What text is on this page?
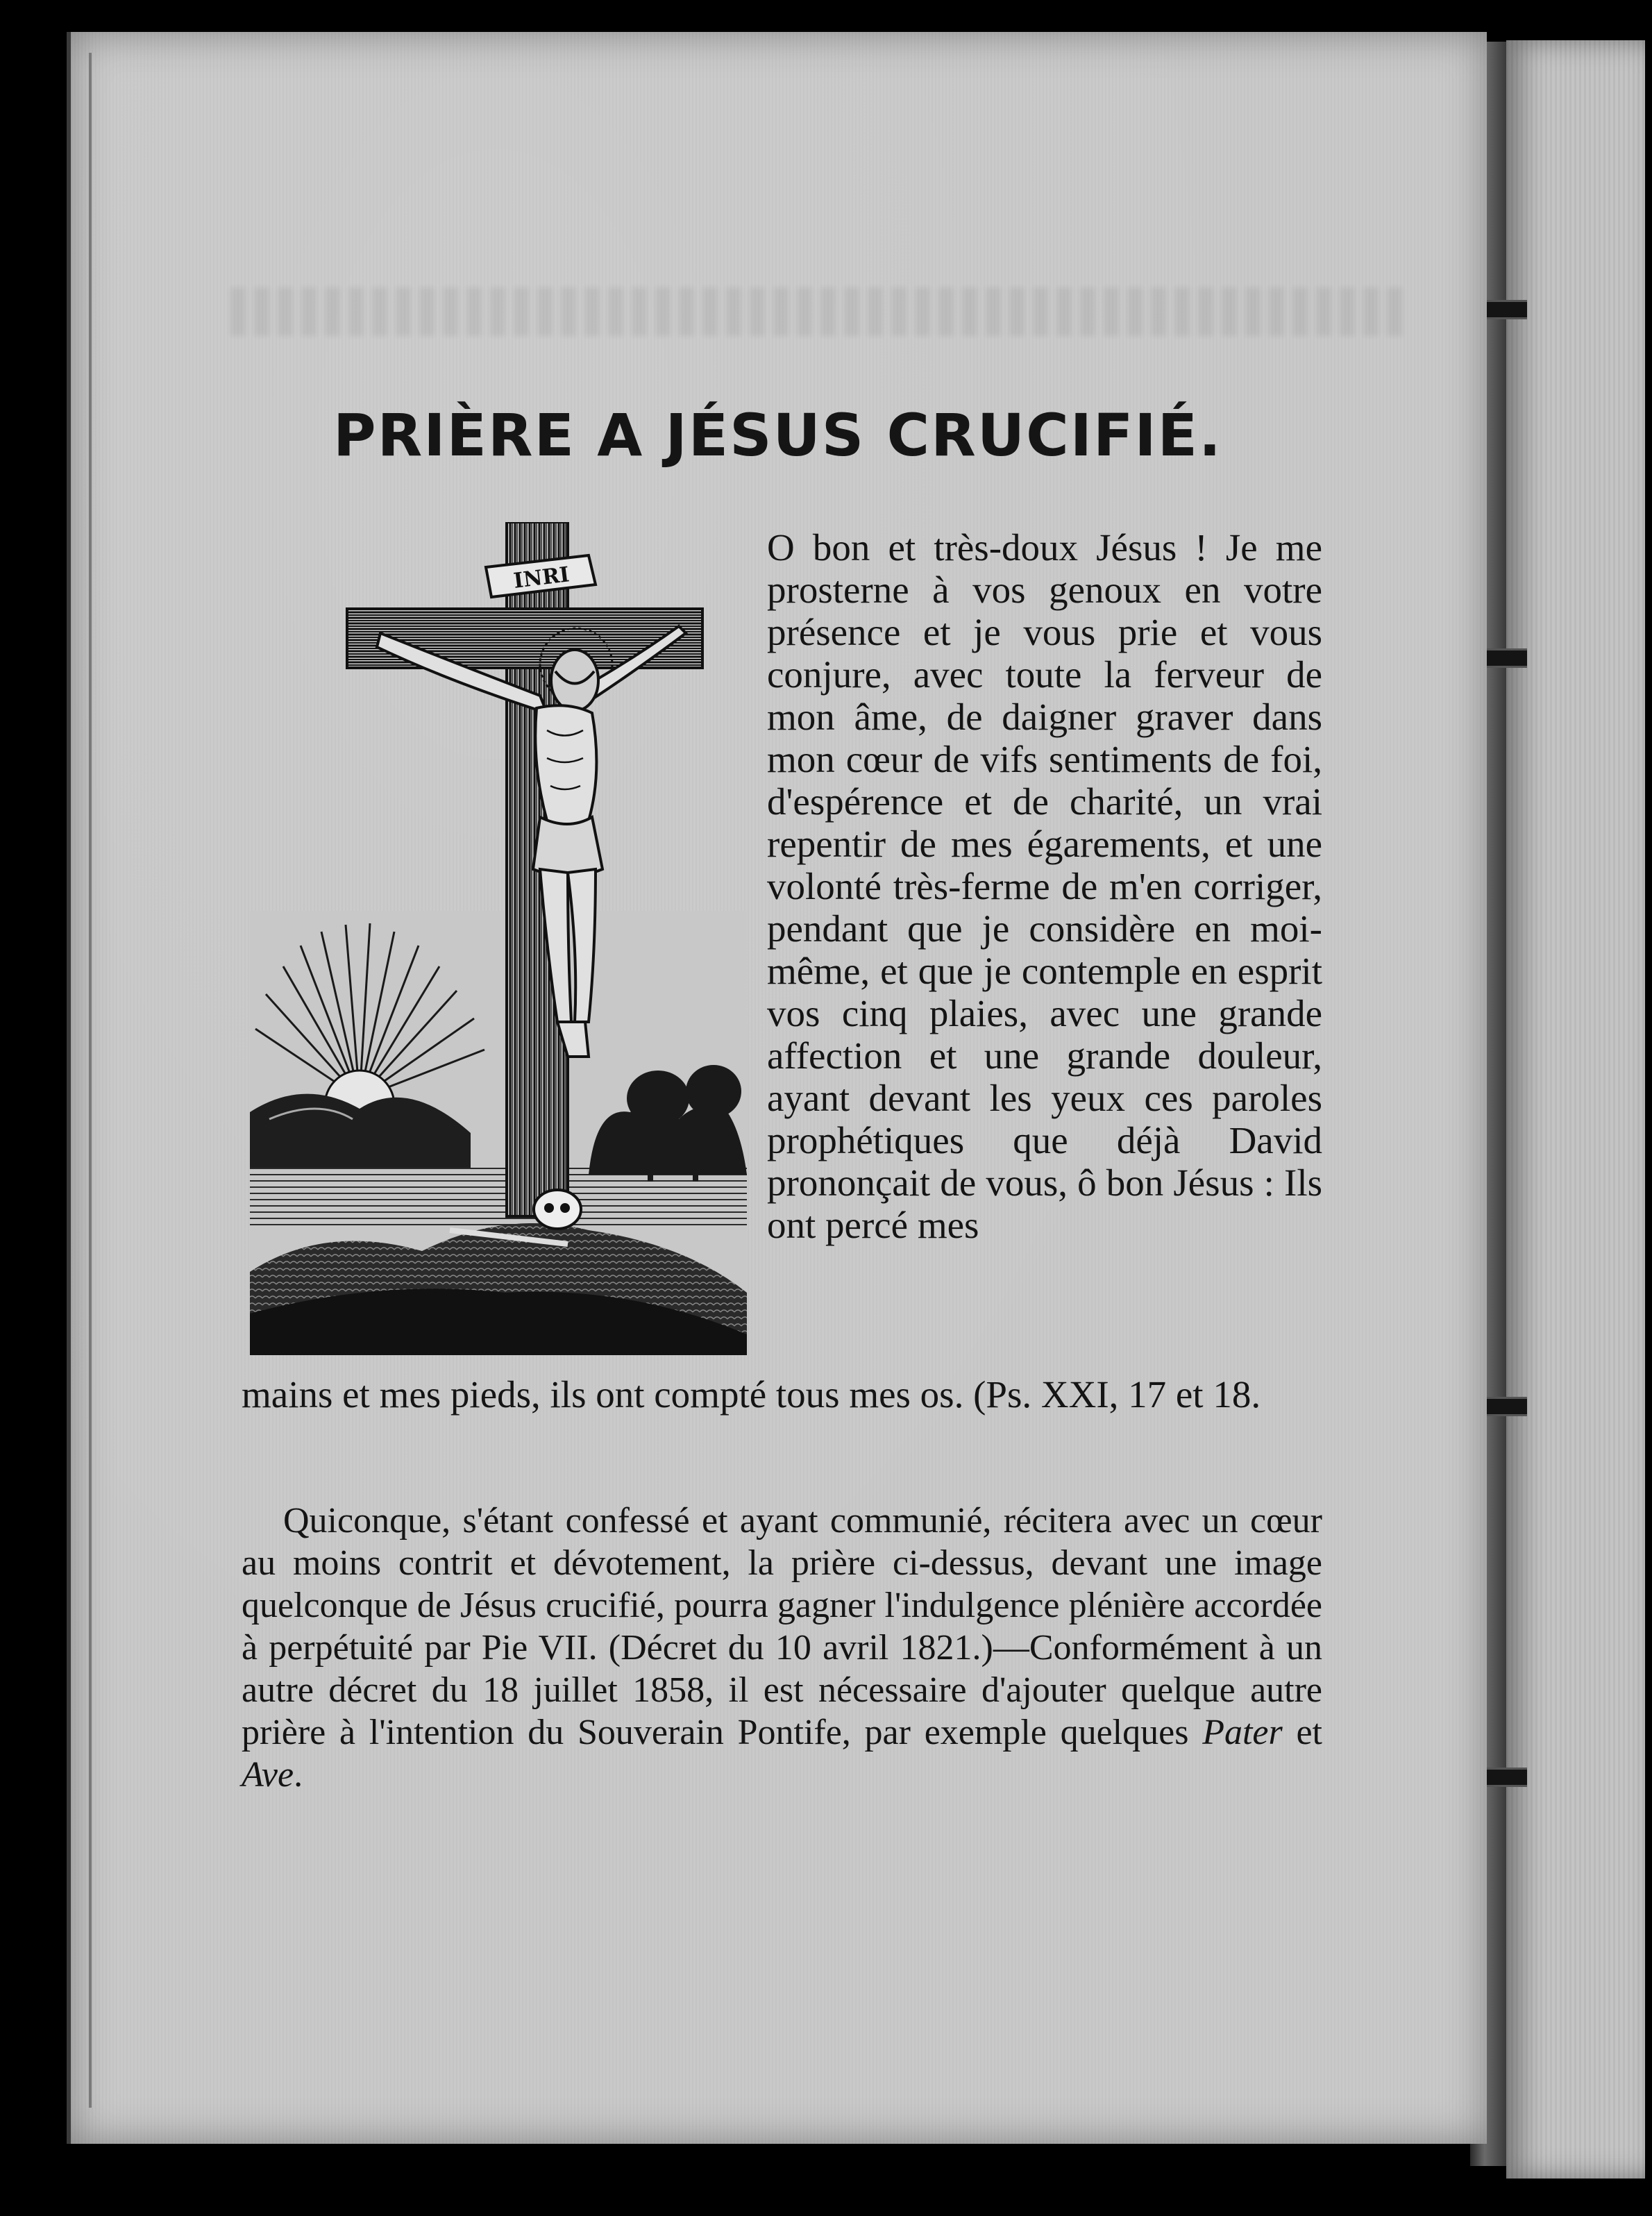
PRIÈRE A JÉSUS CRUCIFIÉ.
INRI

O bon et très-doux Jésus ! Je me prosterne à vos genoux en votre présence et je vous prie et vous conjure, avec toute la ferveur de mon âme, de daigner graver dans mon cœur de vifs sentiments de foi, d'espérence et de charité, un vrai repentir de mes égarements, et une volonté très-ferme de m'en corriger, pendant que je considère en moi-même, et que je contemple en esprit vos cinq plaies, avec une grande affection et une grande douleur, ayant devant les yeux ces paroles prophétiques que déjà David prononçait de vous, ô bon Jésus : Ils ont percé mes

mains et mes pieds, ils ont compté tous mes os. (Ps. XXI, 17 et 18.

Quiconque, s'étant confessé et ayant communié, récitera avec un cœur au moins contrit et dévotement, la prière ci-dessus, devant une image quelconque de Jésus crucifié, pourra gagner l'indulgence plénière accordée à perpétuité par Pie VII. (Décret du 10 avril 1821.)—Conformément à un autre décret du 18 juillet 1858, il est nécessaire d'ajouter quelque autre prière à l'intention du Souverain Pontife, par exemple quelques Pater et Ave.
